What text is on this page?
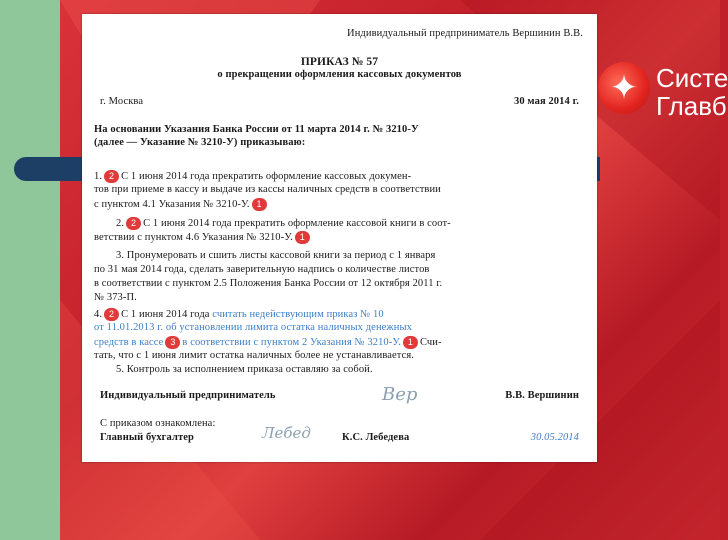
✦ Систе
Главб
Индивидуальный предприниматель Вершинин В.В.
ПРИКАЗ № 57
о прекращении оформления кассовых документов
г. Москва	30 мая 2014 г.
На основании Указания Банка России от 11 марта 2014 г. № 3210-У
(далее — Указание № 3210-У) приказываю:
1. 2 С 1 июня 2014 года прекратить оформление кассовых докумен-
тов при приеме в кассу и выдаче из кассы наличных средств в соответствии
с пунктом 4.1 Указания № 3210-У. 1
2. 2 С 1 июня 2014 года прекратить оформление кассовой книги в соот-
ветствии с пунктом 4.6 Указания № 3210-У. 1
3. Пронумеровать и сшить листы кассовой книги за период с 1 января
по 31 мая 2014 года, сделать заверительную надпись о количестве листов
в соответствии с пунктом 2.5 Положения Банка России от 12 октября 2011 г.
№ 373-П.
4. 2 С 1 июня 2014 года считать недействующим приказ № 10
от 11.01.2013 г. об установлении лимита остатка наличных денежных
средств в кассе 3 в соответствии с пунктом 2 Указания № 3210-У. 1 Счи-
тать, что с 1 июня лимит остатка наличных более не устанавливается.
5. Контроль за исполнением приказа оставляю за собой.
Индивидуальный предприниматель	Вер	В.В. Вершинин
С приказом ознакомлена:
Главный бухгалтер	Лебед	К.С. Лебедева	30.05.2014
